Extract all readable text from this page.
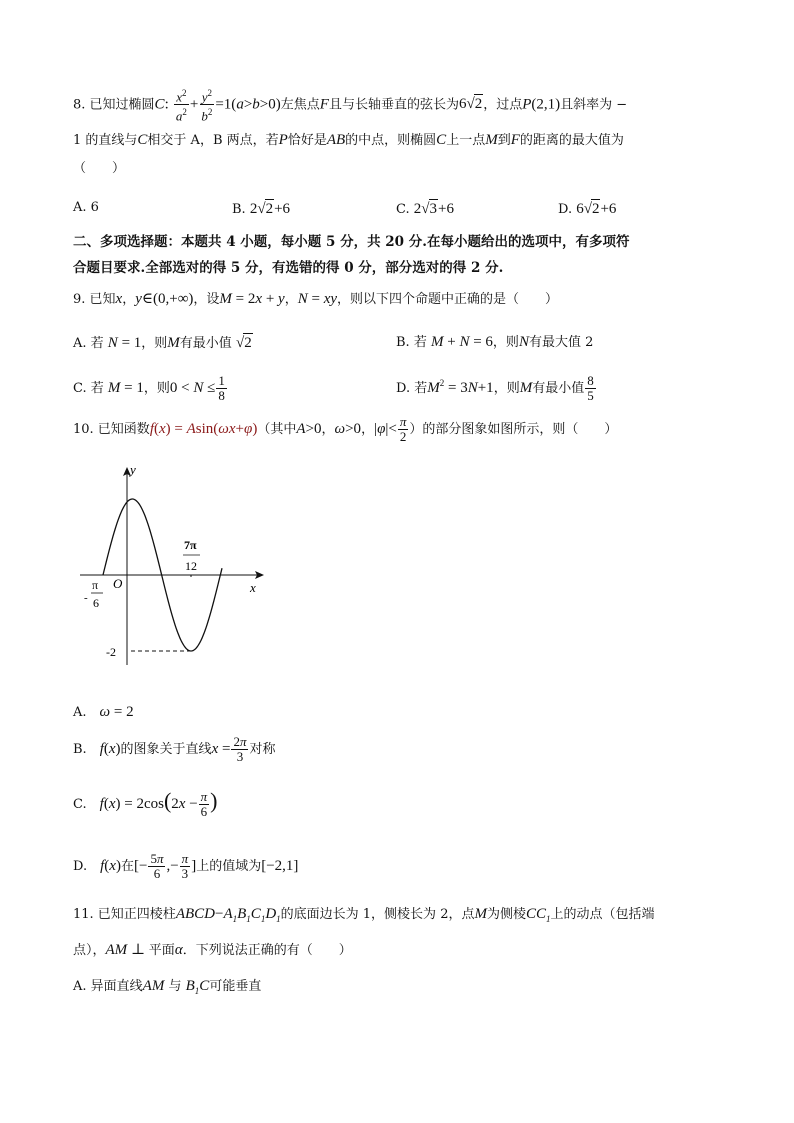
8. 已知过椭圆C: $\frac{x^2}{a^2} + \frac{y^2}{b^2} =1(a>b>0)$左焦点F且与长轴垂直的弦长为6√2，过点P(2,1)且斜率为 −
1 的直线与C相交于 A，B 两点，若P恰好是AB的中点，则椭圆C上一点M到F的距离的最大值为
（　　）
A. 6	B. 2√2+6	C. 2√3+6	D. 6√2+6
二、多项选择题：本题共 4 小题，每小题 5 分，共 20 分.在每小题给出的选项中，有多项符
合题目要求.全部选对的得 5 分，有选错的得 0 分，部分选对的得 2 分.
9. 已知x，y∈(0,+∞)，设M = 2x + y，N = xy，则以下四个命题中正确的是（　　）
A. 若 N = 1，则M有最小值 √2	B. 若 M + N = 6，则N有最大值 2
C. 若 M = 1，则$0 < N \le \frac{1}{8}$	D. 若$M^2 = 3N+1$，则M有最小值 $\frac{8}{5}$
10. 已知函数f(x) = Asin(ωx+φ)（其中A>0，ω>0，$|\varphi|< \frac{\pi}{2}$ ）的部分图象如图所示，则（　　）
y
x
O
π
- 6
7π
12
-2
A.　 ω = 2
B.　 f(x)的图象关于直线$x = \frac{2\pi}{3}$ 对称
C.　 $f(x) = 2\cos(2x - \frac{\pi}{6}$ )
D.　 f(x)在[− $\frac{5\pi}{6}$ ,− $\frac{\pi}{3}$ ]上的值域为[−2,1]
11. 已知正四棱柱$ABCD-A_1B_1C_1D_1$的底面边长为 1，侧棱长为 2，点M为侧棱$CC_1$上的动点（包括端
点），AM ⊥ 平面α．下列说法正确的有（　　）
A. 异面直线AM 与 $B_1C$可能垂直
